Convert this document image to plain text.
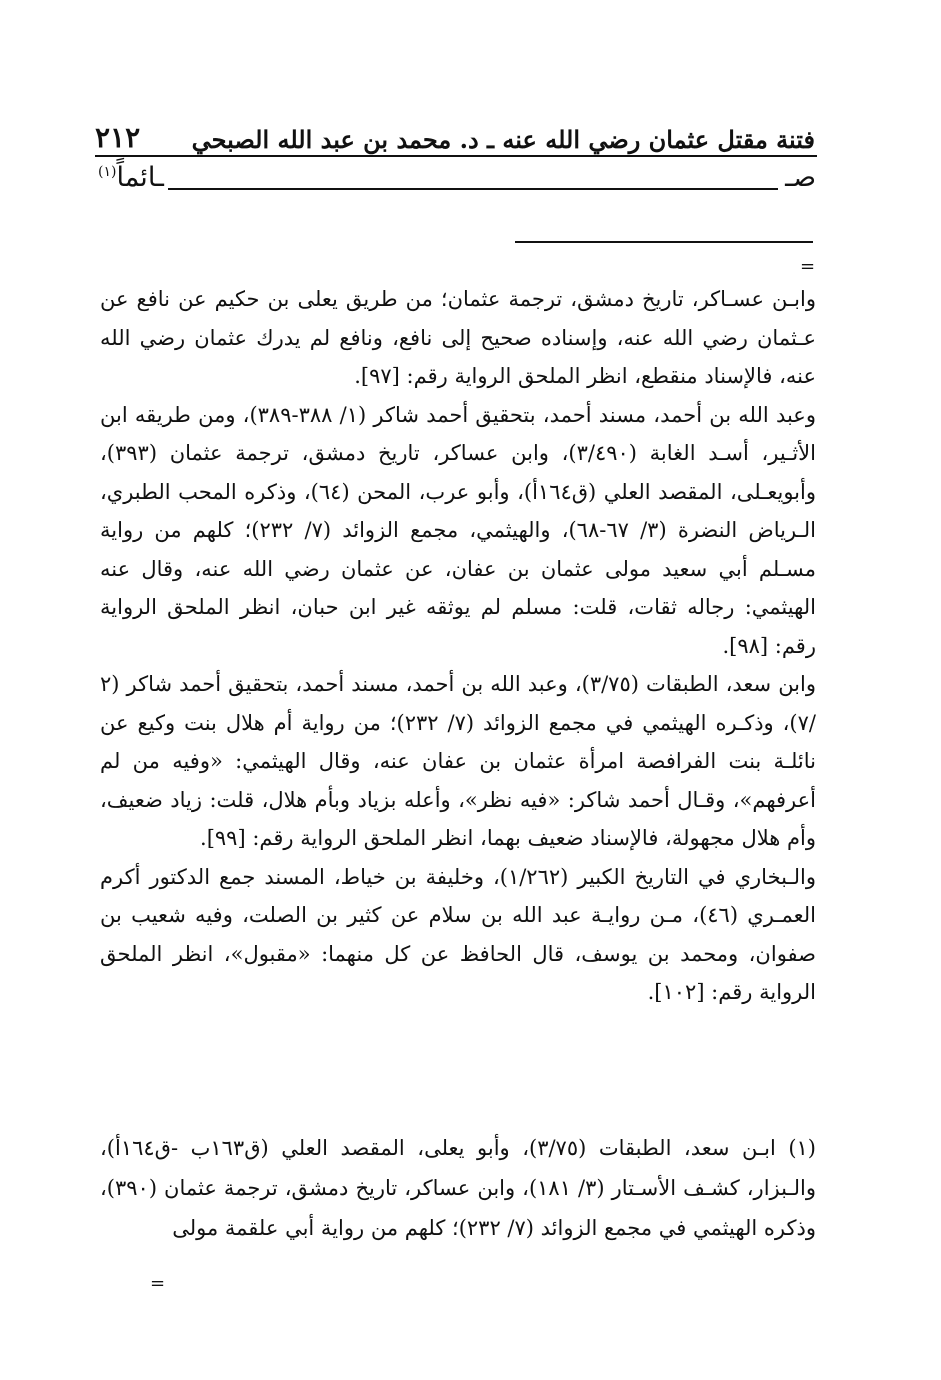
فتنة مقتل عثمان رضي الله عنه ـ د. محمد بن عبد الله الصبحي
٢١٢
صـ
ـائماً$^{(١)}$
=

وابـن عسـاكر، تاريخ دمشق، ترجمة عثمان؛ من طريق يعلى بن حكيم عن نافع عن عـثمان رضي الله عنه، وإسناده صحيح إلى نافع، ونافع لم يدرك عثمان رضي الله عنه، فالإسناد منقطع، انظر الملحق الرواية رقم: [٩٧].

وعبد الله بن أحمد، مسند أحمد، بتحقيق أحمد شاكر (١/ ٣٨٨-٣٨٩)، ومن طريقه ابن الأثـير، أسـد الغابة (٣/٤٩٠)، وابن عساكر، تاريخ دمشق، ترجمة عثمان (٣٩٣)، وأبويعـلى، المقصد العلي (ق١٦٤أ)، وأبو عرب، المحن (٦٤)، وذكره المحب الطبري، الـرياض النضرة (٣/ ٦٧-٦٨)، والهيثمي، مجمع الزوائد (٧/ ٢٣٢)؛ كلهم من رواية مسـلم أبي سعيد مولى عثمان بن عفان، عن عثمان رضي الله عنه، وقال عنه الهيثمي: رجاله ثقات، قلت: مسلم لم يوثقه غير ابن حبان، انظر الملحق الرواية رقم: [٩٨].

وابن سعد، الطبقات (٣/٧٥)، وعبد الله بن أحمد، مسند أحمد، بتحقيق أحمد شاكر (٢ /٧)، وذكـره الهيثمي في مجمع الزوائد (٧/ ٢٣٢)؛ من رواية أم هلال بنت وكيع عن نائلـة بنت الفرافصة امرأة عثمان بن عفان عنه، وقال الهيثمي: «وفيه من لم أعرفهم»، وقـال أحمد شاكر: «فيه نظر»، وأعله بزياد وبأم هلال، قلت: زياد ضعيف، وأم هلال مجهولة، فالإسناد ضعيف بهما، انظر الملحق الرواية رقم: [٩٩].

والـبخاري في التاريخ الكبير (١/٢٦٢)، وخليفة بن خياط، المسند جمع الدكتور أكرم العمـري (٤٦)، مـن روايـة عبد الله بن سلام عن كثير بن الصلت، وفيه شعيب بن صفوان، ومحمد بن يوسف، قال الحافظ عن كل منهما: «مقبول»، انظر الملحق الرواية رقم: [١٠٢].

(١) ابـن سعد، الطبقات (٣/٧٥)، وأبو يعلى، المقصد العلي (ق١٦٣ب -ق١٦٤أ)، والـبزار، كشـف الأسـتار (٣/ ١٨١)، وابن عساكر، تاريخ دمشق، ترجمة عثمان (٣٩٠)، وذكره الهيثمي في مجمع الزوائد (٧/ ٢٣٢)؛ كلهم من رواية أبي علقمة مولى

=
